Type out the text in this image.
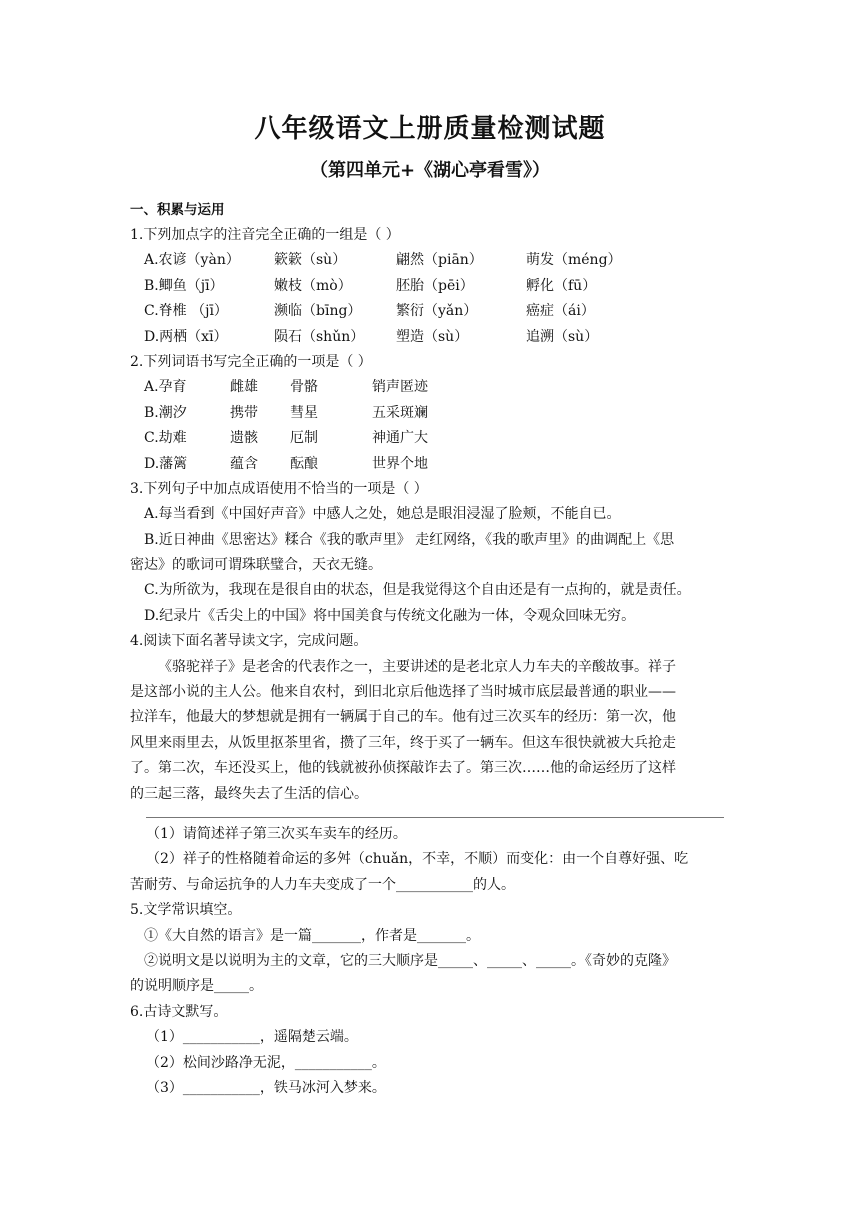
八年级语文上册质量检测试题
（第四单元+《湖心亭看雪》）
一、积累与运用
1.下列加点字的注音完全正确的一组是（ ）
A.农谚（yàn）	簌簌（sù）	翩然（piān）	萌发（méng）
B.鲫鱼（jī）	嫩枝（mò）	胚胎（pēi）	孵化（fū）
C.脊椎 （jī）	濒临（bīng）	繁衍（yǎn）	癌症（ái）
D.两栖（xī）	陨石（shǔn）	塑造（sù）	追溯（sù）
2.下列词语书写完全正确的一项是（ ）
A.孕育	雌雄	骨骼	销声匿迹
B.潮汐	携带	彗星	五采斑斓
C.劫难	遗骸	厄制	神通广大
D.藩篱	蕴含	酝酿	世界个地
3.下列句子中加点成语使用不恰当的一项是（ ）
A.每当看到《中国好声音》中感人之处，她总是眼泪浸湿了脸颊，不能自已。
B.近日神曲《思密达》糅合《我的歌声里》 走红网络，《我的歌声里》的曲调配上《思
密达》的歌词可谓珠联璧合，天衣无缝。
C.为所欲为，我现在是很自由的状态，但是我觉得这个自由还是有一点拘的，就是责任。
D.纪录片《舌尖上的中国》将中国美食与传统文化融为一体，令观众回味无穷。
4.阅读下面名著导读文字，完成问题。
《骆驼祥子》是老舍的代表作之一，主要讲述的是老北京人力车夫的辛酸故事。祥子
是这部小说的主人公。他来自农村，到旧北京后他选择了当时城市底层最普通的职业——
拉洋车，他最大的梦想就是拥有一辆属于自己的车。他有过三次买车的经历：第一次，他
风里来雨里去，从饭里抠茶里省，攒了三年，终于买了一辆车。但这车很快就被大兵抢走
了。第二次，车还没买上，他的钱就被孙侦探敲诈去了。第三次……他的命运经历了这样
的三起三落，最终失去了生活的信心。
（1）请简述祥子第三次买车卖车的经历。
（2）祥子的性格随着命运的多舛（chuǎn，不幸，不顺）而变化：由一个自尊好强、吃
苦耐劳、与命运抗争的人力车夫变成了一个___________的人。
5.文学常识填空。
①《大自然的语言》是一篇_______，作者是_______。
②说明文是以说明为主的文章，它的三大顺序是_____、_____、_____。《奇妙的克隆》
的说明顺序是_____。
6.古诗文默写。
（1）___________，遥隔楚云端。
（2）松间沙路净无泥，___________。
（3）___________，铁马冰河入梦来。
